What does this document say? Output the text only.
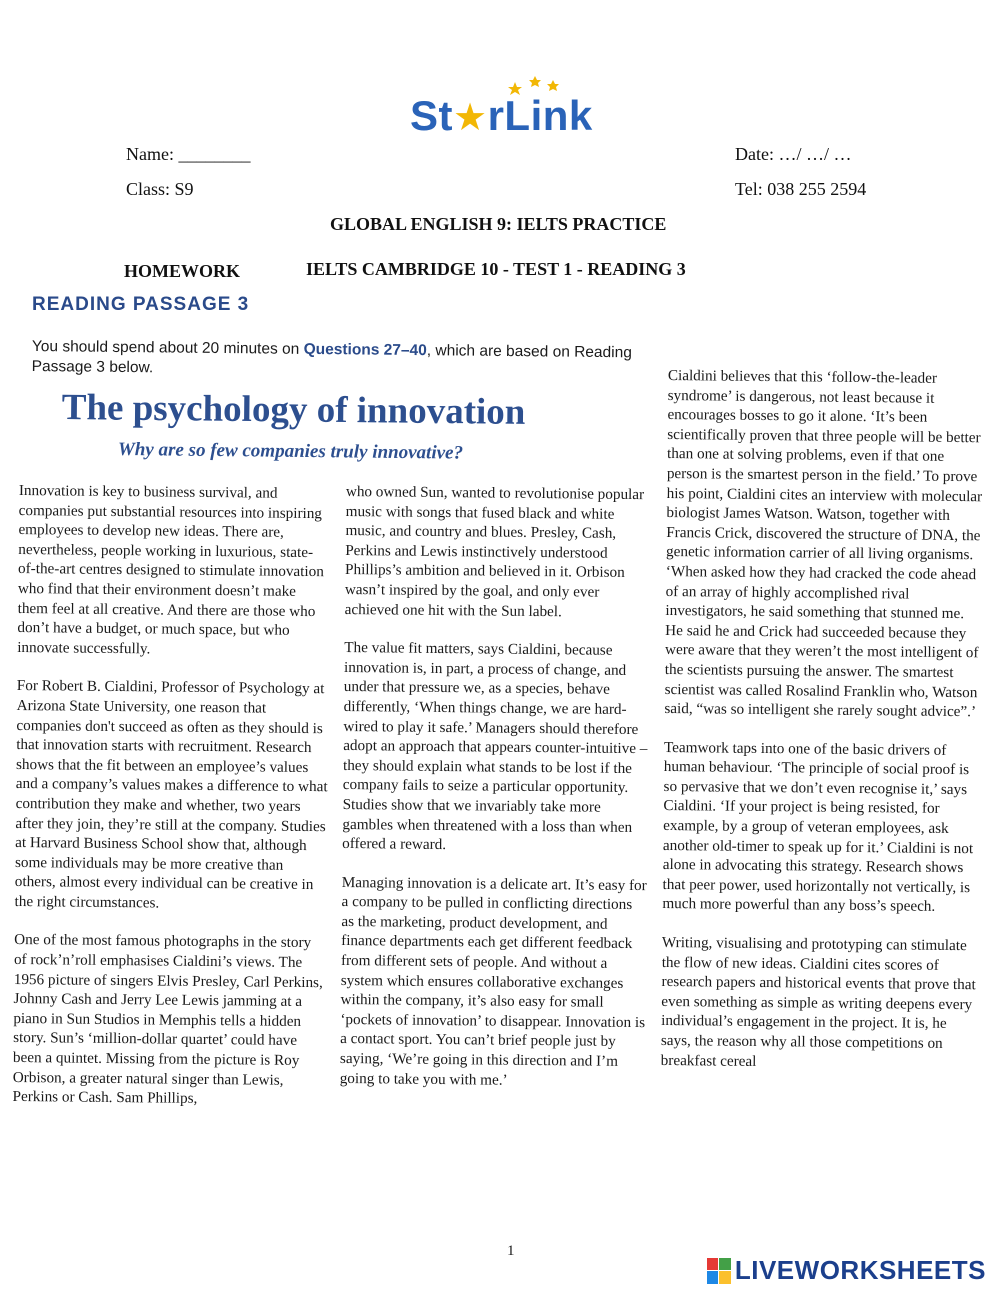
St★rLink
Name: ________	Date: …/ …/ …
Class: S9	Tel: 038 255 2594
GLOBAL ENGLISH 9: IELTS PRACTICE
HOMEWORK	IELTS CAMBRIDGE 10 - TEST 1 - READING 3
READING PASSAGE 3
You should spend about 20 minutes on Questions 27–40, which are based on Reading Passage 3 below.
The psychology of innovation
Why are so few companies truly innovative?

Innovation is key to business survival, and companies put substantial resources into inspiring employees to develop new ideas. There are, nevertheless, people working in luxurious, state-of-the-art centres designed to stimulate innovation who find that their environment doesn’t make them feel at all creative. And there are those who don’t have a budget, or much space, but who innovate successfully.

For Robert B. Cialdini, Professor of Psychology at Arizona State University, one reason that companies don't succeed as often as they should is that innovation starts with recruitment. Research shows that the fit between an employee’s values and a company’s values makes a difference to what contribution they make and whether, two years after they join, they’re still at the company. Studies at Harvard Business School show that, although some individuals may be more creative than others, almost every individual can be creative in the right circumstances.

One of the most famous photographs in the story of rock’n’roll emphasises Cialdini’s views. The 1956 picture of singers Elvis Presley, Carl Perkins, Johnny Cash and Jerry Lee Lewis jamming at a piano in Sun Studios in Memphis tells a hidden story. Sun’s ‘million-dollar quartet’ could have been a quintet. Missing from the picture is Roy Orbison, a greater natural singer than Lewis, Perkins or Cash. Sam Phillips,

who owned Sun, wanted to revolutionise popular music with songs that fused black and white music, and country and blues. Presley, Cash, Perkins and Lewis instinctively understood Phillips’s ambition and believed in it. Orbison wasn’t inspired by the goal, and only ever achieved one hit with the Sun label.

The value fit matters, says Cialdini, because innovation is, in part, a process of change, and under that pressure we, as a species, behave differently, ‘When things change, we are hard-wired to play it safe.’ Managers should therefore adopt an approach that appears counter-intuitive – they should explain what stands to be lost if the company fails to seize a particular opportunity. Studies show that we invariably take more gambles when threatened with a loss than when offered a reward.

Managing innovation is a delicate art. It’s easy for a company to be pulled in conflicting directions as the marketing, product development, and finance departments each get different feedback from different sets of people. And without a system which ensures collaborative exchanges within the company, it’s also easy for small ‘pockets of innovation’ to disappear. Innovation is a contact sport. You can’t brief people just by saying, ‘We’re going in this direction and I’m going to take you with me.’

Cialdini believes that this ‘follow-the-leader syndrome’ is dangerous, not least because it encourages bosses to go it alone. ‘It’s been scientifically proven that three people will be better than one at solving problems, even if that one person is the smartest person in the field.’ To prove his point, Cialdini cites an interview with molecular biologist James Watson. Watson, together with Francis Crick, discovered the structure of DNA, the genetic information carrier of all living organisms. ‘When asked how they had cracked the code ahead of an array of highly accomplished rival investigators, he said something that stunned me. He said he and Crick had succeeded because they were aware that they weren’t the most intelligent of the scientists pursuing the answer. The smartest scientist was called Rosalind Franklin who, Watson said, “was so intelligent she rarely sought advice”.’

Teamwork taps into one of the basic drivers of human behaviour. ‘The principle of social proof is so pervasive that we don’t even recognise it,’ says Cialdini. ‘If your project is being resisted, for example, by a group of veteran employees, ask another old-timer to speak up for it.’ Cialdini is not alone in advocating this strategy. Research shows that peer power, used horizontally not vertically, is much more powerful than any boss’s speech.

Writing, visualising and prototyping can stimulate the flow of new ideas. Cialdini cites scores of research papers and historical events that prove that even something as simple as writing deepens every individual’s engagement in the project. It is, he says, the reason why all those competitions on breakfast cereal

1
LIVEWORKSHEETS
